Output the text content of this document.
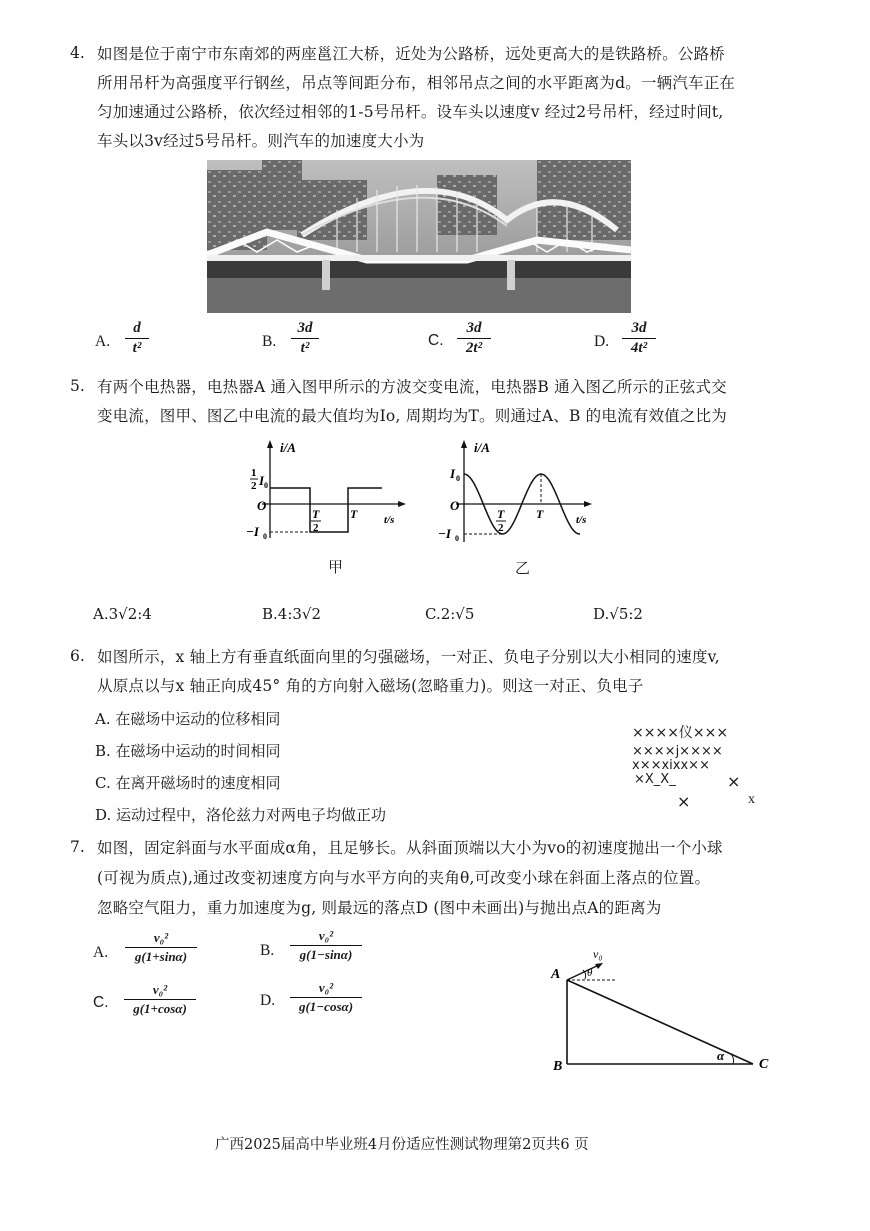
4. 如图是位于南宁市东南郊的两座邕江大桥，近处为公路桥，远处更高大的是铁路桥。公路桥
所用吊杆为高强度平行钢丝，吊点等间距分布，相邻吊点之间的水平距离为d。一辆汽车正在
匀加速通过公路桥，依次经过相邻的1-5号吊杆。设车头以速度v 经过2号吊杆，经过时间t,
车头以3v经过5号吊杆。则汽车的加速度大小为
A.
d
t²	B.
3d
t²	C.
3d
2t²	D.
3d
4t²
5. 有两个电热器，电热器A 通入图甲所示的方波交变电流，电热器B 通入图乙所示的正弦式交
变电流，图甲、图乙中电流的最大值均为Io, 周期均为T。则通过A、B 的电流有效值之比为
i/A
1
2 I 0
O
−I 0
T
2
T t/s
甲
i/A
I 0
O
−I 0
T
2
T	t/s
乙
A.3√2:4	B.4:3√2	C.2:√5	D.√5:2
6. 如图所示，x 轴上方有垂直纸面向里的匀强磁场，一对正、负电子分别以大小相同的速度v,
从原点以与x 轴正向成45° 角的方向射入磁场(忽略重力)。则这一对正、负电子
A. 在磁场中运动的位移相同
B. 在磁场中运动的时间相同
C. 在离开磁场时的速度相同
D. 运动过程中，洛伦兹力对两电子均做正功
××××仪×××
××××j××××
x××xixx××
×X_X_	×
×	x
7. 如图，固定斜面与水平面成α角，且足够长。从斜面顶端以大小为vo的初速度抛出一个小球
(可视为质点),通过改变初速度方向与水平方向的夹角θ,可改变小球在斜面上落点的位置。
忽略空气阻力，重力加速度为g, 则最远的落点D (图中未画出)与抛出点A的距离为
A.
v₀²
g(1+sinα)	B.
v₀²
g(1−sinα)
C.
v₀²
g(1+cosα)	D.
v₀²
g(1−cosα)
A
B	C
v₀
θ
α
广西2025届高中毕业班4月份适应性测试物理第2页共6 页
